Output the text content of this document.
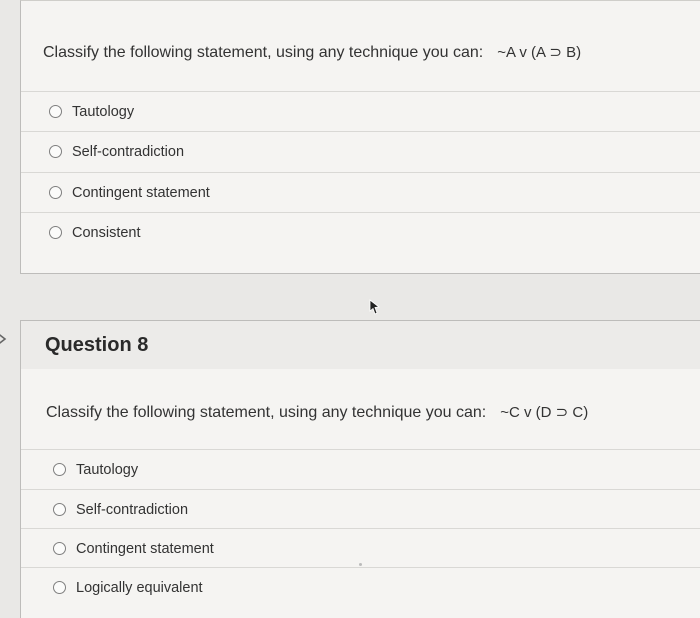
Classify the following statement, using any technique you can: ~A v (A ⊃ B)
Tautology
Self-contradiction
Contingent statement
Consistent
Question 8
Classify the following statement, using any technique you can: ~C v (D ⊃ C)
Tautology
Self-contradiction
Contingent statement
Logically equivalent
